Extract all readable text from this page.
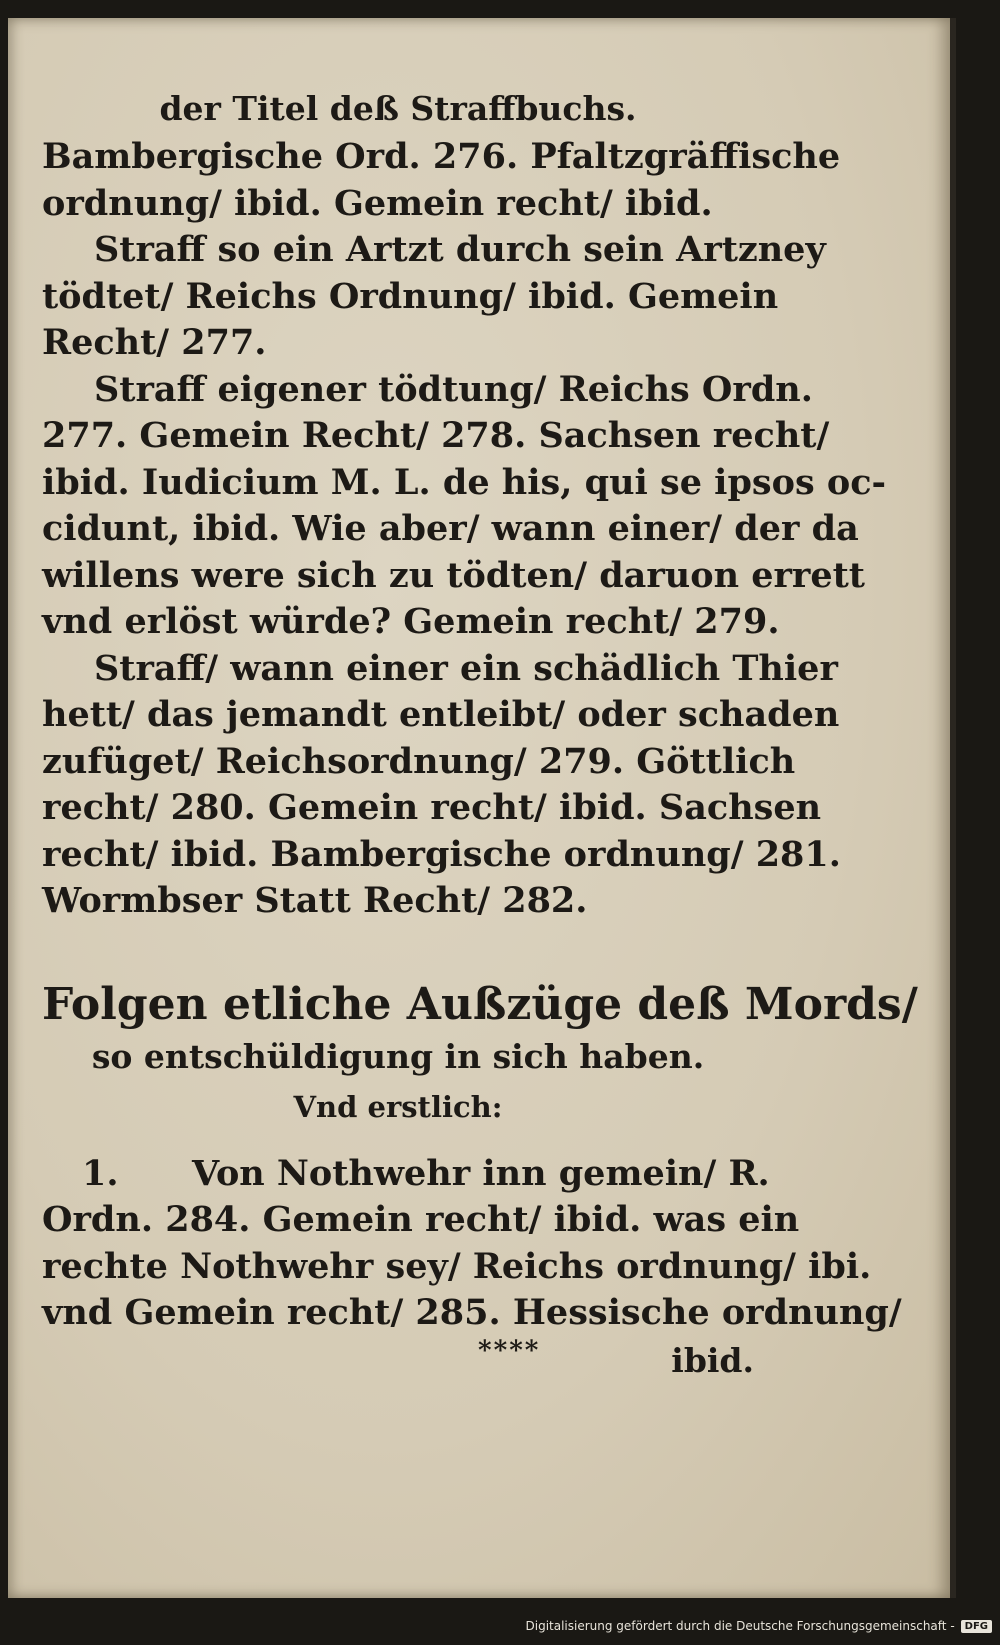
der Titel deß Straffbuchs.
Bambergische Ord. 276. Pfaltzgräffische
ordnung/ ibid. Gemein recht/ ibid.
Straff so ein Artzt durch sein Artzney
tödtet/ Reichs Ordnung/ ibid. Gemein
Recht/ 277.
Straff eigener tödtung/ Reichs Ordn.
277. Gemein Recht/ 278. Sachsen recht/
ibid. Iudicium M. L. de his, qui se ipsos oc-
cidunt, ibid. Wie aber/ wann einer/ der da
willens were sich zu tödten/ daruon errett
vnd erlöst würde? Gemein recht/ 279.
Straff/ wann einer ein schädlich Thier
hett/ das jemandt entleibt/ oder schaden
zufüget/ Reichsordnung/ 279. Göttlich
recht/ 280. Gemein recht/ ibid. Sachsen
recht/ ibid. Bambergische ordnung/ 281.
Wormbser Statt Recht/ 282.
Folgen etliche Außzüge deß Mords/
so entschüldigung in sich haben.
Vnd erstlich:
1. Von Nothwehr inn gemein/ R.
Ordn. 284. Gemein recht/ ibid. was ein
rechte Nothwehr sey/ Reichs ordnung/ ibi.
vnd Gemein recht/ 285. Hessische ordnung/
****	ibid.
Digitalisierung gefördert durch die Deutsche Forschungsgemeinschaft -	DFG
